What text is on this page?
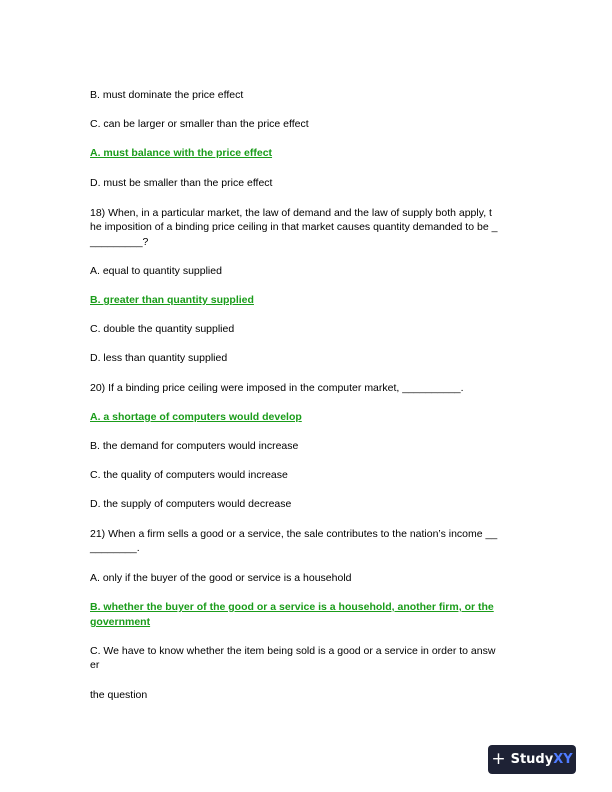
B. must dominate the price effect
C. can be larger or smaller than the price effect
A. must balance with the price effect
D. must be smaller than the price effect
18) When, in a particular market, the law of demand and the law of supply both apply, t
he imposition of a binding price ceiling in that market causes quantity demanded to be _
_________?
A. equal to quantity supplied
B. greater than quantity supplied
C. double the quantity supplied
D. less than quantity supplied
20) If a binding price ceiling were imposed in the computer market, __________.
A. a shortage of computers would develop
B. the demand for computers would increase
C. the quality of computers would increase
D. the supply of computers would decrease
21) When a firm sells a good or a service, the sale contributes to the nation’s income __
________.
A. only if the buyer of the good or service is a household
B. whether the buyer of the good or a service is a household, another firm, or the
government
C. We have to know whether the item being sold is a good or a service in order to answ
er
the question
+ Study XY
